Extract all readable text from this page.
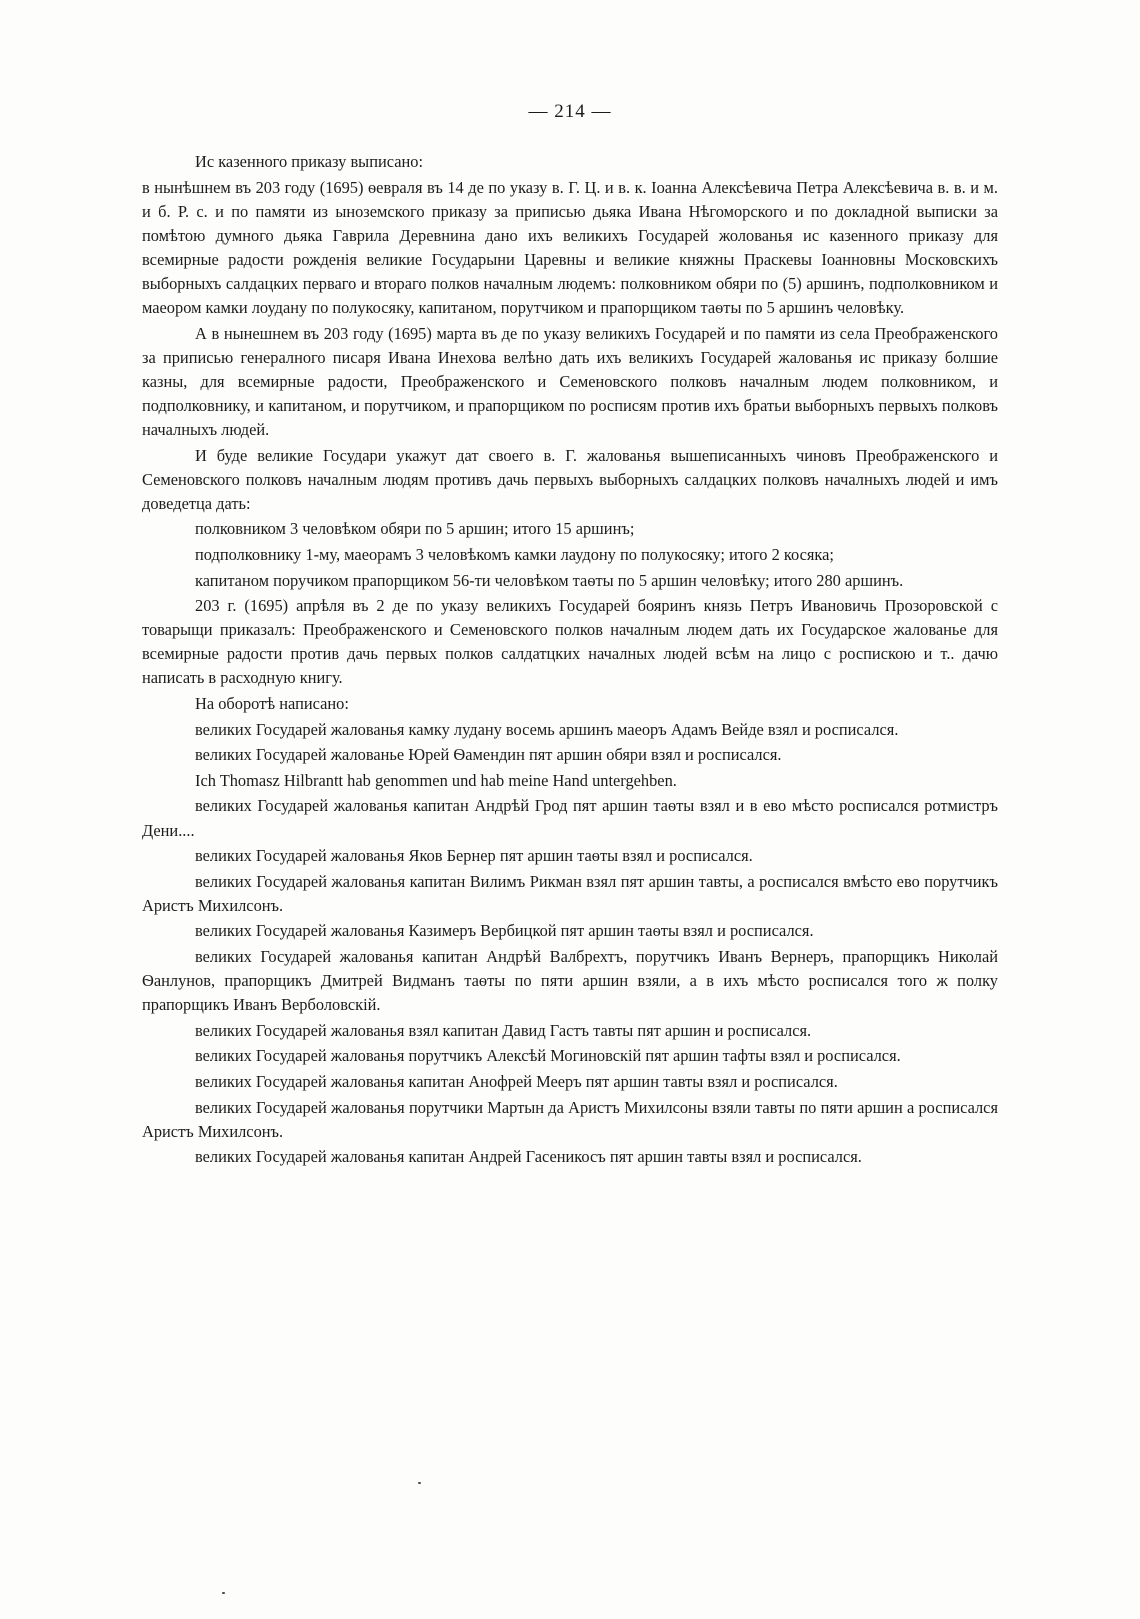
— 214 —

Ис казенного приказу выписано:

в нынѣшнем въ 203 году (1695) ѳевраля въ 14 де по указу в. Г. Ц. и в. к. Іоанна Алексѣевича Петра Алексѣевича в. в. и м. и б. Р. с. и по памяти из ыноземского приказу за приписью дьяка Ивана Нѣгоморского и по докладной выписки за помѣтою думного дьяка Гаврила Деревнина дано ихъ великихъ Государей жолованья ис казенного приказу для всемирные радости рожденія великие Государыни Царевны и великие княжны Праскевы Іоанновны Московскихъ выборныхъ салдацких перваго и втораго полков началным людемъ: полковником обяри по (5) аршинъ, подполковником и маеором камки лоудану по полукосяку, капитаном, порутчиком и прапорщиком таѳты по 5 аршинъ человѣку.

А в нынешнем въ 203 году (1695) марта въ де по указу великихъ Государей и по памяти из села Преображенского за приписью генералного писаря Ивана Инехова велѣно дать ихъ великихъ Государей жалованья ис приказу болшие казны, для всемирные радости, Преображенского и Семеновского полковъ началным людем полковником, и подполковнику, и капитаном, и порутчиком, и прапорщиком по росписям против ихъ братьи выборныхъ первыхъ полковъ началныхъ людей.

И буде великие Государи укажут дат своего в. Г. жалованья вышеписанныхъ чиновъ Преображенского и Семеновского полковъ началным людям противъ дачь первыхъ выборныхъ салдацких полковъ началныхъ людей и имъ доведетца дать:

полковником 3 человѣком обяри по 5 аршин; итого 15 аршинъ;

подполковнику 1-му, маеорамъ 3 человѣкомъ камки лаудону по полукосяку; итого 2 косяка;

капитаном поручиком прапорщиком 56-ти человѣком таѳты по 5 аршин человѣку; итого 280 аршинъ.

203 г. (1695) апрѣля въ 2 де по указу великихъ Государей бояринъ князь Петръ Ивановичь Прозоровской с товарыщи приказалъ: Преображенского и Семеновского полков началным людем дать их Государское жалованье для всемирные радости против дачь первых полков салдатцких началных людей всѣм на лицо с роспискою и т.. дачю написать в расходную книгу.

На оборотѣ написано:

великих Государей жалованья камку лудану восемь аршинъ маеоръ Адамъ Вейде взял и росписался.

великих Государей жалованье Юрей Ѳамендин пят аршин обяри взял и росписался.

Ich Thomasz Hilbrantt hab genommen und hab meine Hand untergehben.

великих Государей жалованья капитан Андрѣй Грод пят аршин таѳты взял и в ево мѣсто росписался ротмистръ Дени....

великих Государей жалованья Яков Бернер пят аршин таѳты взял и росписался.

великих Государей жалованья капитан Вилимъ Рикман взял пят аршин тавты, а росписался вмѣсто ево порутчикъ Аристъ Михилсонъ.

великих Государей жалованья Казимеръ Вербицкой пят аршин таѳты взял и росписался.

великих Государей жалованья капитан Андрѣй Валбрехтъ, порутчикъ Иванъ Вернеръ, прапорщикъ Николай Ѳанлунов, прапорщикъ Дмитрей Видманъ таѳты по пяти аршин взяли, а в ихъ мѣсто росписался того ж полку прапорщикъ Иванъ Верболовскій.

великих Государей жалованья взял капитан Давид Гастъ тавты пят аршин и росписался.

великих Государей жалованья порутчикъ Алексѣй Могиновскій пят аршин тафты взял и росписался.

великих Государей жалованья капитан Анофрей Мееръ пят аршин тавты взял и росписался.

великих Государей жалованья порутчики Мартын да Аристъ Михилсоны взяли тавты по пяти аршин а росписался Аристъ Михилсонъ.

великих Государей жалованья капитан Андрей Гасеникосъ пят аршин тавты взял и росписался.
